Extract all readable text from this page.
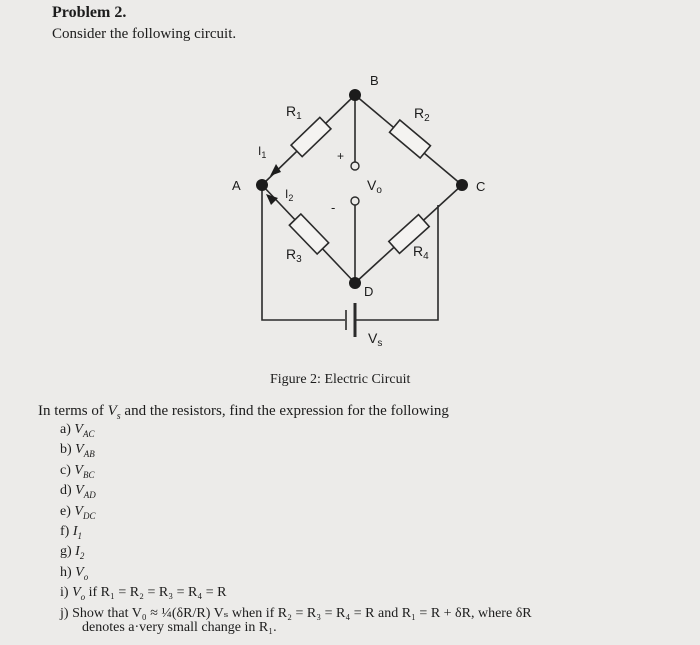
Problem 2.
Consider the following circuit.
B
A	C
D
$R_1$	$R_2$
$R_3$
$R_4$
$I_1$
$I_2$
+
-
$V_o$
$V_s$
Figure 2: Electric Circuit
In terms of $V_s$ and the resistors, find the expression for the following
a) $V_{AC}$
b) $V_{AB}$
c) $V_{BC}$
d) $V_{AD}$
e) $V_{DC}$
f) $I_1$
g) $I_2$
h) $V_o$
i) $V_o$ if R₁ = R₂ = R₃ = R₄ = R
j) Show that V₀ ≈ ¼(δR/R) Vₛ when if R₂ = R₃ = R₄ = R and R₁ = R + δR, where δR
denotes a·very small change in R₁.
